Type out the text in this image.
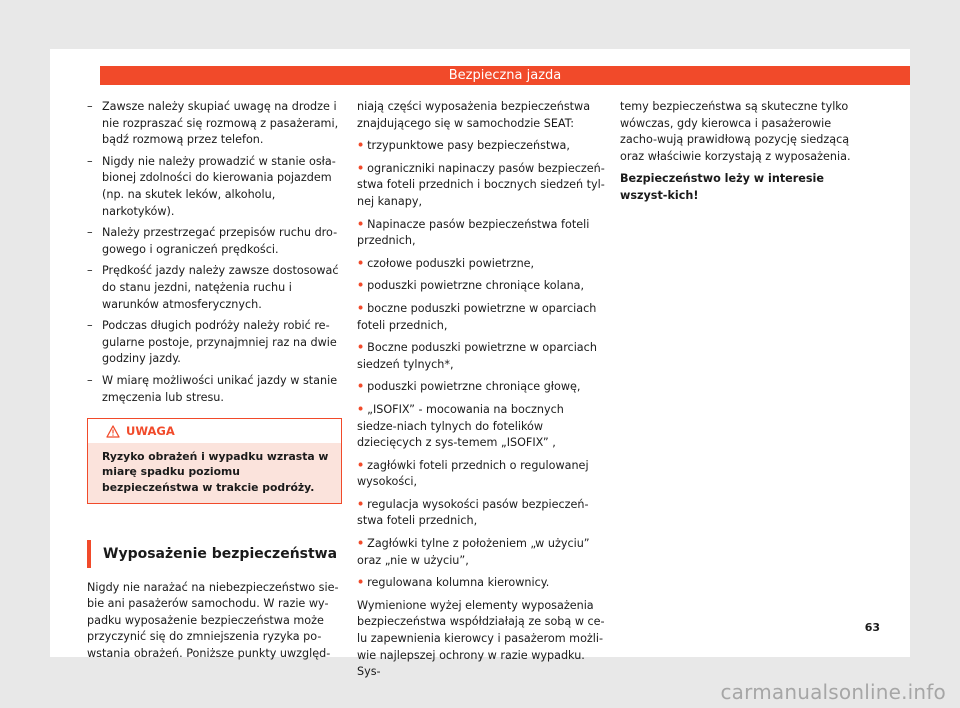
Bezpieczna jazda
– Zawsze należy skupiać uwagę na drodze i nie rozpraszać się rozmową z pasażerami, bądź rozmową przez telefon.
– Nigdy nie należy prowadzić w stanie osła-bionej zdolności do kierowania pojazdem (np. na skutek leków, alkoholu, narkotyków).
– Należy przestrzegać przepisów ruchu dro-gowego i ograniczeń prędkości.
– Prędkość jazdy należy zawsze dostosować do stanu jezdni, natężenia ruchu i warunków atmosferycznych.
– Podczas długich podróży należy robić re-gularne postoje, przynajmniej raz na dwie godziny jazdy.
– W miarę możliwości unikać jazdy w stanie zmęczenia lub stresu.
UWAGA
Ryzyko obrażeń i wypadku wzrasta w miarę spadku poziomu bezpieczeństwa w trakcie podróży.
Wyposażenie bezpieczeństwa

Nigdy nie narażać na niebezpieczeństwo sie-bie ani pasażerów samochodu. W razie wy-padku wyposażenie bezpieczeństwa może przyczynić się do zmniejszenia ryzyka po-wstania obrażeń. Poniższe punkty uwzględ-

niają części wyposażenia bezpieczeństwa znajdującego się w samochodzie SEAT:

• trzypunktowe pasy bezpieczeństwa,

• ograniczniki napinaczy pasów bezpieczeń-stwa foteli przednich i bocznych siedzeń tyl-nej kanapy,

• Napinacze pasów bezpieczeństwa foteli przednich,

• czołowe poduszki powietrzne,

• poduszki powietrzne chroniące kolana,

• boczne poduszki powietrzne w oparciach foteli przednich,

• Boczne poduszki powietrzne w oparciach siedzeń tylnych*,

• poduszki powietrzne chroniące głowę,

• „ISOFIX” - mocowania na bocznych siedze-niach tylnych do fotelików dziecięcych z sys-temem „ISOFIX” ,

• zagłówki foteli przednich o regulowanej wysokości,

• regulacja wysokości pasów bezpieczeń-stwa foteli przednich,

• Zagłówki tylne z położeniem „w użyciu” oraz „nie w użyciu”,

• regulowana kolumna kierownicy.

Wymienione wyżej elementy wyposażenia bezpieczeństwa współdziałają ze sobą w ce-lu zapewnienia kierowcy i pasażerom możli-wie najlepszej ochrony w razie wypadku. Sys-

temy bezpieczeństwa są skuteczne tylko wówczas, gdy kierowca i pasażerowie zacho-wują prawidłową pozycję siedzącą oraz właściwie korzystają z wyposażenia.

Bezpieczeństwo leży w interesie wszyst-kich!

63
carmanualsonline.info
